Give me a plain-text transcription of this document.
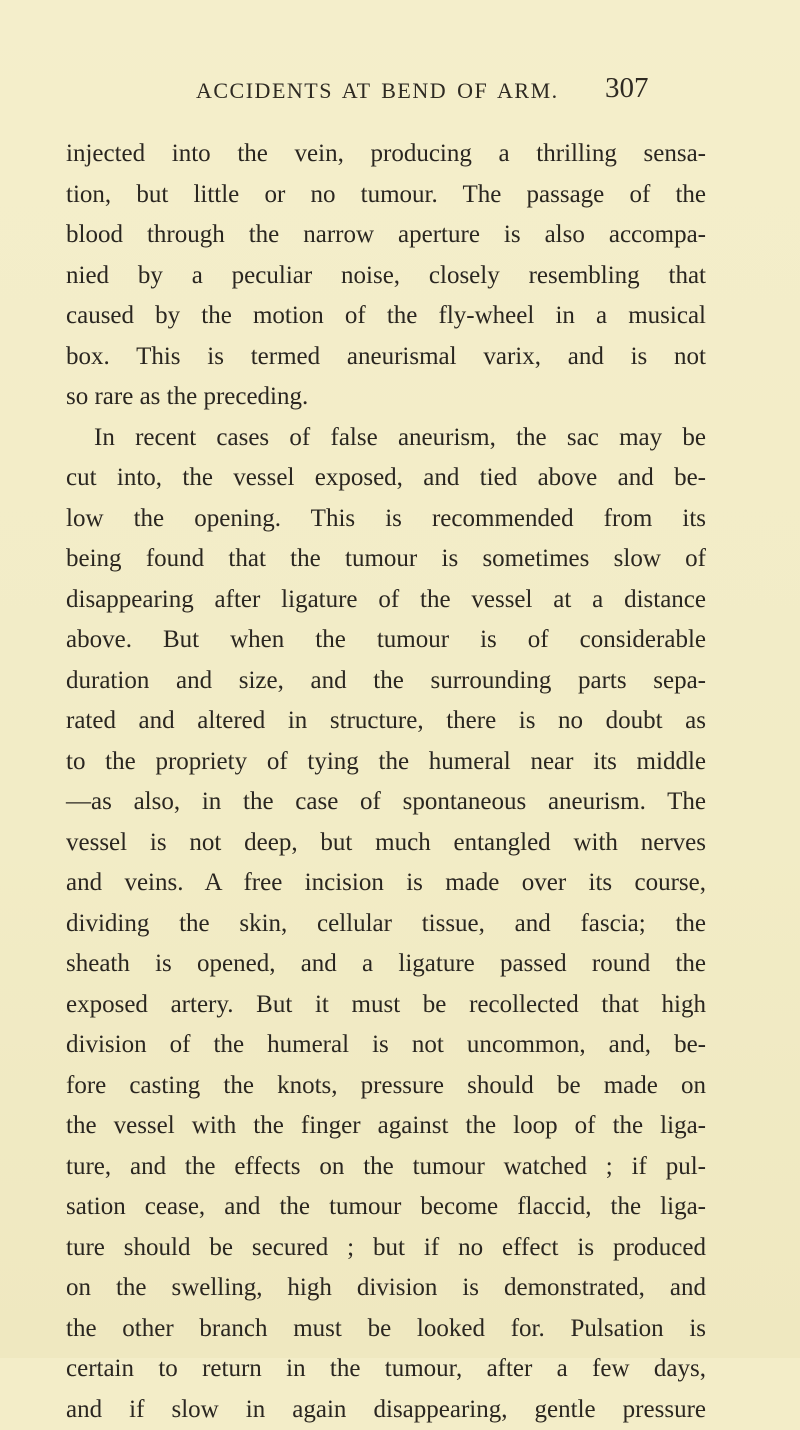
ACCIDENTS AT BEND OF ARM. 307
injected into the vein, producing a thrilling sensa-
tion, but little or no tumour. The passage of the
blood through the narrow aperture is also accompa-
nied by a peculiar noise, closely resembling that
caused by the motion of the fly-wheel in a musical
box. This is termed aneurismal varix, and is not
so rare as the preceding.
In recent cases of false aneurism, the sac may be
cut into, the vessel exposed, and tied above and be-
low the opening. This is recommended from its
being found that the tumour is sometimes slow of
disappearing after ligature of the vessel at a distance
above. But when the tumour is of considerable
duration and size, and the surrounding parts sepa-
rated and altered in structure, there is no doubt as
to the propriety of tying the humeral near its middle
—as also, in the case of spontaneous aneurism. The
vessel is not deep, but much entangled with nerves
and veins. A free incision is made over its course,
dividing the skin, cellular tissue, and fascia; the
sheath is opened, and a ligature passed round the
exposed artery. But it must be recollected that high
division of the humeral is not uncommon, and, be-
fore casting the knots, pressure should be made on
the vessel with the finger against the loop of the liga-
ture, and the effects on the tumour watched ; if pul-
sation cease, and the tumour become flaccid, the liga-
ture should be secured ; but if no effect is produced
on the swelling, high division is demonstrated, and
the other branch must be looked for. Pulsation is
certain to return in the tumour, after a few days,
and if slow in again disappearing, gentle pressure
